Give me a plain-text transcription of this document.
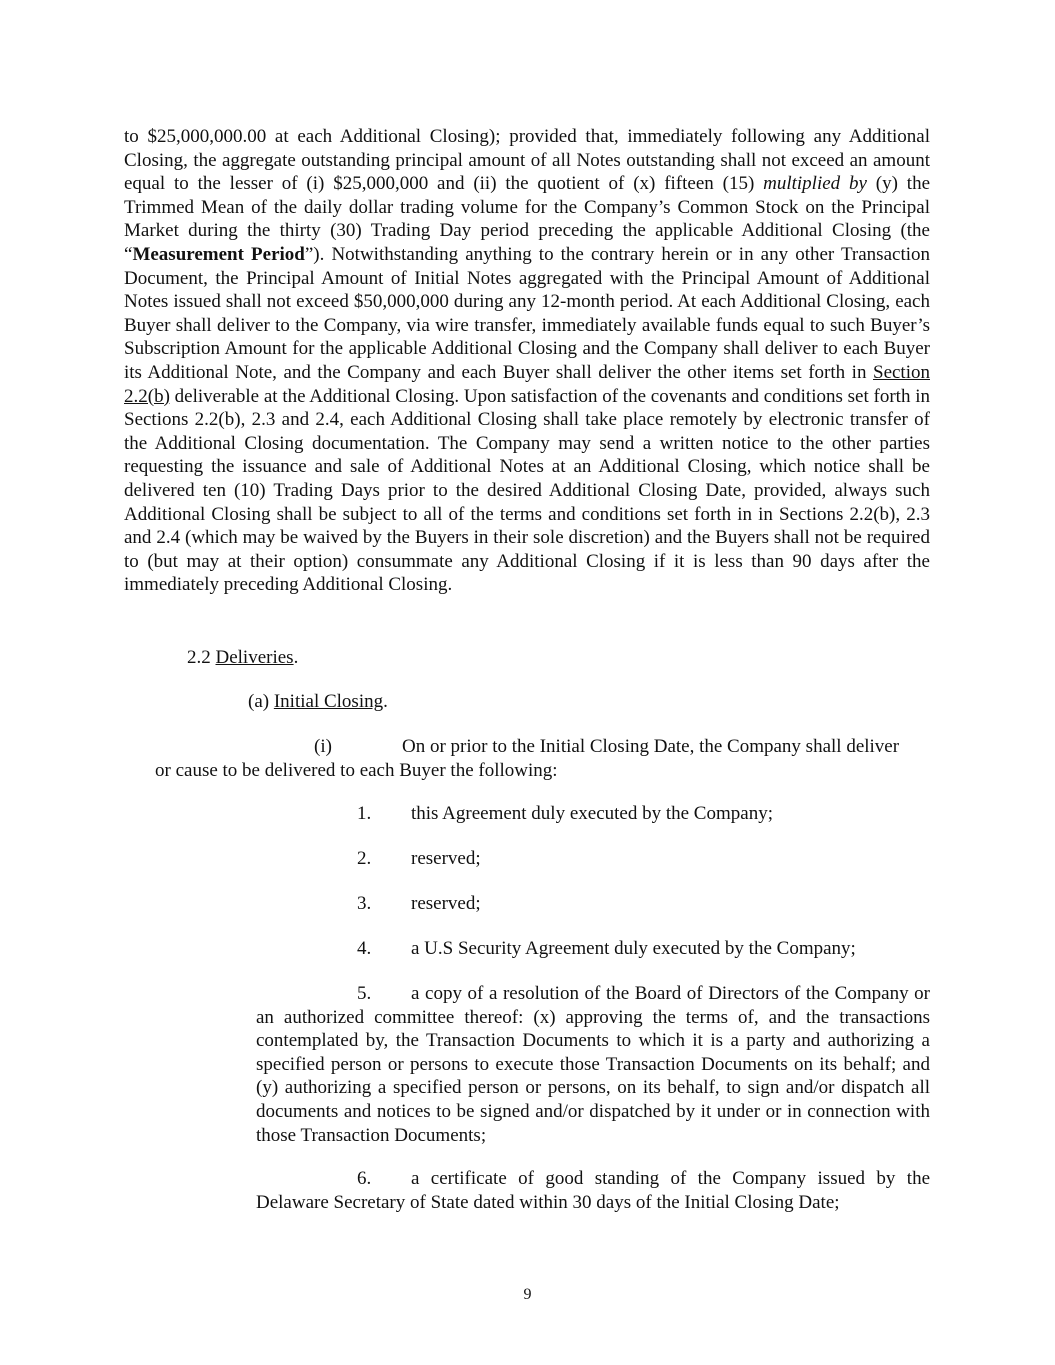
to $25,000,000.00 at each Additional Closing); provided that, immediately following any Additional Closing, the aggregate outstanding principal amount of all Notes outstanding shall not exceed an amount equal to the lesser of (i) $25,000,000 and (ii) the quotient of (x) fifteen (15) multiplied by (y) the Trimmed Mean of the daily dollar trading volume for the Company’s Common Stock on the Principal Market during the thirty (30) Trading Day period preceding the applicable Additional Closing (the “Measurement Period”). Notwithstanding anything to the contrary herein or in any other Transaction Document, the Principal Amount of Initial Notes aggregated with the Principal Amount of Additional Notes issued shall not exceed $50,000,000 during any 12-month period. At each Additional Closing, each Buyer shall deliver to the Company, via wire transfer, immediately available funds equal to such Buyer’s Subscription Amount for the applicable Additional Closing and the Company shall deliver to each Buyer its Additional Note, and the Company and each Buyer shall deliver the other items set forth in Section 2.2(b) deliverable at the Additional Closing. Upon satisfaction of the covenants and conditions set forth in Sections 2.2(b), 2.3 and 2.4, each Additional Closing shall take place remotely by electronic transfer of the Additional Closing documentation. The Company may send a written notice to the other parties requesting the issuance and sale of Additional Notes at an Additional Closing, which notice shall be delivered ten (10) Trading Days prior to the desired Additional Closing Date, provided, always such Additional Closing shall be subject to all of the terms and conditions set forth in in Sections 2.2(b), 2.3 and 2.4 (which may be waived by the Buyers in their sole discretion) and the Buyers shall not be required to (but may at their option) consummate any Additional Closing if it is less than 90 days after the immediately preceding Additional Closing.

2.2 Deliveries.

(a) Initial Closing.

(i)	On or prior to the Initial Closing Date, the Company shall deliver
or cause to be delivered to each Buyer the following:

1. this Agreement duly executed by the Company;

2. reserved;

3. reserved;

4. a U.S Security Agreement duly executed by the Company;

5. a copy of a resolution of the Board of Directors of the Company or an authorized committee thereof: (x) approving the terms of, and the transactions contemplated by, the Transaction Documents to which it is a party and authorizing a specified person or persons to execute those Transaction Documents on its behalf; and (y) authorizing a specified person or persons, on its behalf, to sign and/or dispatch all documents and notices to be signed and/or dispatched by it under or in connection with those Transaction Documents;

6. a certificate of good standing of the Company issued by the Delaware Secretary of State dated within 30 days of the Initial Closing Date;

9
